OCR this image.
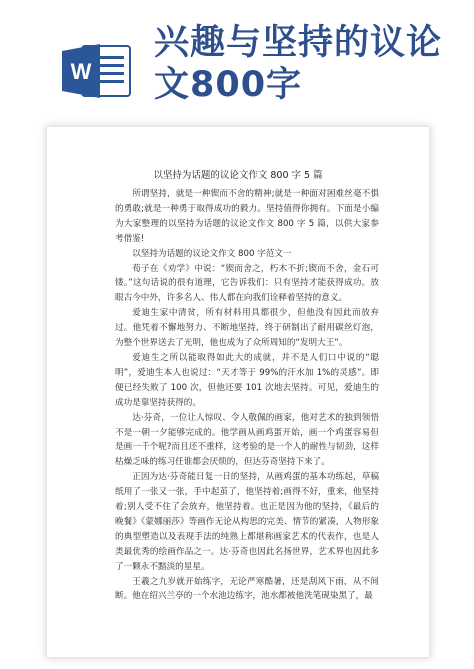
W
兴趣与坚持的议论文800字
以坚持为话题的议论文作文 800 字 5 篇

所谓坚持，就是一种锲而不舍的精神;就是一种面对困难丝毫不惧的勇敢;就是一种勇于取得成功的毅力。坚持值得你拥有。下面是小编为大家整理的以坚持为话题的议论文作文 800 字 5 篇，以供大家参考借鉴!

以坚持为话题的议论文作文 800 字范文一

荀子在《劝学》中说：“锲而舍之，朽木不折;锲而不舍，金石可镂。”这句话说的很有道理，它告诉我们：只有坚持才能获得成功。放眼古今中外，许多名人、伟人都在向我们诠释着坚持的意义。

爱迪生家中清贫，所有材料用具都很少，但他没有因此而放弃过。他凭着不懈地努力、不断地坚持，终于研制出了耐用碳丝灯泡，为整个世界送去了光明，他也成为了众所周知的“发明大王”。

爱迪生之所以能取得如此大的成就，并不是人们口中说的“聪明”，爱迪生本人也说过：“天才等于 99%的汗水加 1%的灵感”。即便已经失败了 100 次，但他还要 101 次地去坚持。可见，爱迪生的成功是靠坚持获得的。

达·芬奇，一位让人惊叹、令人敬佩的画家，他对艺术的独到领悟不是一朝一夕能够完成的。他学画从画鸡蛋开始，画一个鸡蛋容易但是画一千个呢?而且还不重样，这考验的是一个人的耐性与韧劲，这样枯燥乏味的练习任谁都会厌烦的，但达芬奇坚持下来了。

正因为达·芬奇能日复一日的坚持，从画鸡蛋的基本功练起，草稿纸用了一张又一张，手中起茧了，他坚持着;画得不好，重来，他坚持着;别人受不住了会放弃，他坚持着。也正是因为他的坚持，《最后的晚餐》《蒙娜丽莎》等画作无论从构思的完美、情节的紧凑，人物形象的典型塑造以及表现手法的纯熟上都堪称画家艺术的代表作，也是人类最优秀的绘画作品之一。达·芬奇也因此名扬世界，艺术界也因此多了一颗永不黯淡的星星。

王羲之九岁就开始练字，无论严寒酷暑，还是刮风下雨，从不间断。他在绍兴兰亭的一个水池边练字，池水都被他洗笔砚染黑了，最
